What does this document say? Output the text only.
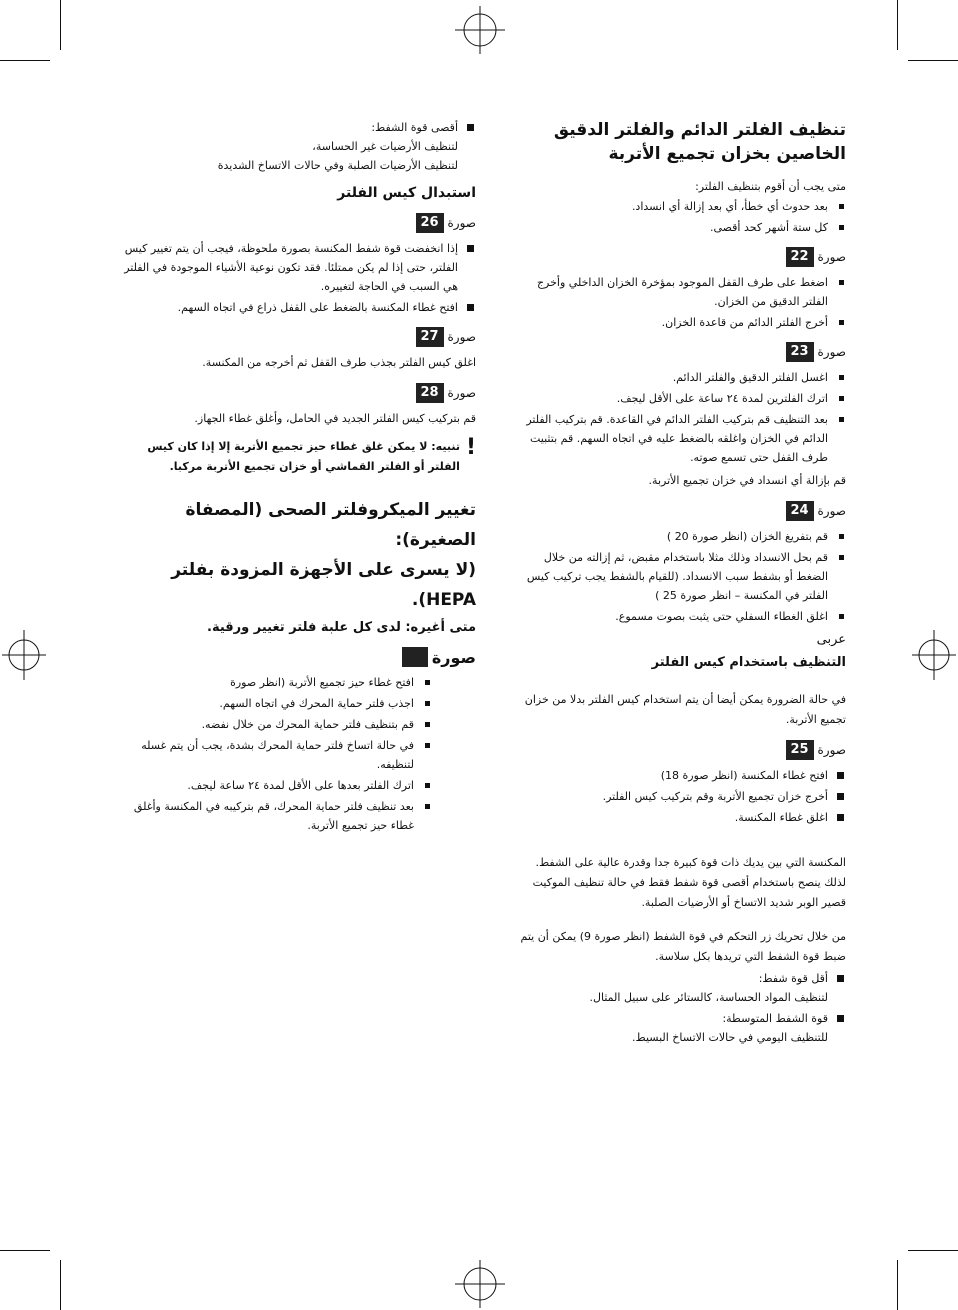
تنظيف الفلتر الدائم والفلتر الدقيق
الخاصين بخزان تجميع الأتربة
متى يجب أن أقوم بتنظيف الفلتر:
بعد حدوث أي خطأ، أي بعد إزالة أي انسداد.
كل ستة أشهر كحد أقصى.
صورة
22
اضغط على طرف القفل الموجود بمؤخرة الخزان الداخلي وأخرج الفلتر الدقيق من الخزان.
أخرج الفلتر الدائم من قاعدة الخزان.
صورة
23
اغسل الفلتر الدقيق والفلتر الدائم.
اترك الفلترين لمدة ٢٤ ساعة على الأقل ليجف.
بعد التنظيف قم بتركيب الفلتر الدائم في القاعدة. قم بتركيب الفلتر الدائم في الخزان واغلقه بالضغط عليه في اتجاه السهم. قم بتثبيت طرف القفل حتى تسمع صوته.

قم بإزالة أي انسداد في خزان تجميع الأتربة.

صورة
24
قم بتفريغ الخزان (انظر صورة 20 )
قم بحل الانسداد وذلك مثلا باستخدام مقبض، ثم إزالته من خلال الضغط أو بشفط سبب الانسداد. (للقيام بالشفط يجب تركيب كيس الفلتر في المكنسة – انظر صورة 25 )
اغلق الغطاء السفلي حتى يثبت بصوت مسموع.
عربى
التنظيف باستخدام كيس الفلتر

في حالة الضرورة يمكن أيضا أن يتم استخدام كيس الفلتر بدلا من خزان تجميع الأتربة.

صورة
25
افتح غطاء المكنسة (انظر صورة 18)
أخرج خزان تجميع الأتربة وقم بتركيب كيس الفلتر.
اغلق غطاء المكنسة.

المكنسة التي بين يديك ذات قوة كبيرة جدا وقدرة عالية على الشفط. لذلك ينصح باستخدام أقصى قوة شفط فقط في حالة تنظيف الموكيت قصير الوبر شديد الاتساخ أو الأرضيات الصلبة.

من خلال تحريك زر التحكم في قوة الشفط (انظر صورة 9) يمكن أن يتم ضبط قوة الشفط التي تريدها بكل سلاسة.

أقل قوة شفط:
لتنظيف المواد الحساسة، كالستائر على سبيل المثال.
قوة الشفط المتوسطة:
للتنظيف اليومي في حالات الاتساخ البسيط.
أقصى قوة الشفط:
لتنظيف الأرضيات غير الحساسة،
لتنظيف الأرضيات الصلبة وفي حالات الاتساخ الشديدة
استبدال كيس الفلتر
صورة
26
إذا انخفضت قوة شفط المكنسة بصورة ملحوظة، فيجب أن يتم تغيير كيس الفلتر، حتى إذا لم يكن ممتلئا. فقد تكون نوعية الأشياء الموجودة في الفلتر هي السبب في الحاجة لتغييره.
افتح غطاء المكنسة بالضغط على القفل ذراع في اتجاه السهم.
صورة
27

اغلق كيس الفلتر بجذب طرف القفل ثم أخرجه من المكنسة.

صورة
28

قم بتركيب كيس الفلتر الجديد في الحامل، وأغلق غطاء الجهاز.

!
تنبيه: لا يمكن غلق غطاء حيز تجميع الأتربة إلا إذا كان كيس الفلتر أو الفلتر القماشي أو خزان تجميع الأتربة مركبا.
تغيير الميكروفلتر الصحى (المصفاة الصغيرة):
(لا يسرى على الأجهزة المزودة بفلتر HEPA).
متى أغيره: لدى كل علبة فلتر تغيير ورقية.
صورة
افتح غطاء حيز تجميع الأتربة (انظر صورة
اجذب فلتر حماية المحرك في اتجاه السهم.
قم بتنظيف فلتر حماية المحرك من خلال نفضه.
في حالة اتساخ فلتر حماية المحرك بشدة، يجب أن يتم غسله لتنظيفه.
اترك الفلتر بعدها على الأقل لمدة ٢٤ ساعة ليجف.
بعد تنظيف فلتر حماية المحرك، قم بتركيبه في المكنسة وأغلق غطاء حيز تجميع الأتربة.
